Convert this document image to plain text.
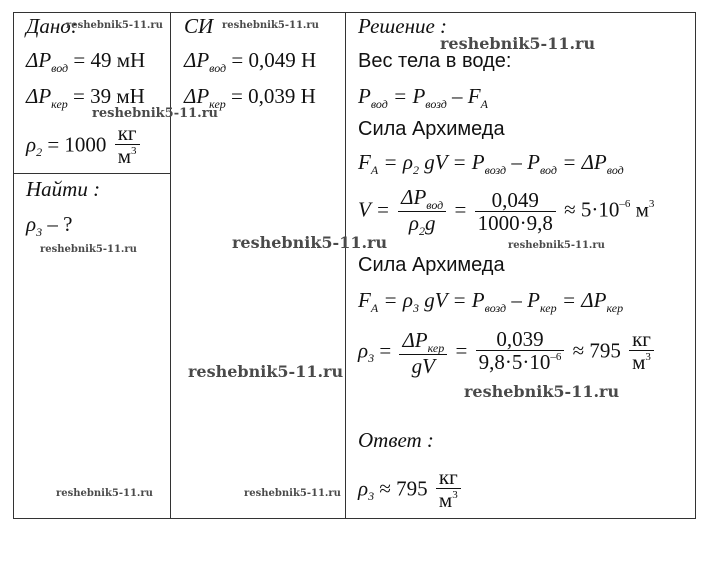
Дано:
$\Delta P_{вод} = 49$ мН
$\Delta P_{кер} = 39$ мН
$\rho_2 = 1000 \frac{кг}{м^3}$
Найти :
$\rho_3$ – ?
СИ
$\Delta P_{вод} = 0,049$ Н
$\Delta P_{кер} = 0,039$ Н
Решение :
Вес тела в воде:
$P_{вод} = P_{возд} - F_A$
Сила Архимеда
$F_A = \rho_2$ gV = $P_{возд} - P_{вод} = \Delta P_{вод}$
$V = \frac{\Delta P_{вод}}{\rho_2g} = \frac{0,049}{1000\cdot 9,8} \approx 5\cdot 10^{-6}$ $м^3$
Сила Архимеда
$F_A = \rho_3$ gV = $P_{возд} - P_{кер} = \Delta P_{кер}$
$\rho_3 = \frac{\Delta P_{кер}}{gV} = \frac{0,039}{9,8\cdot 5\cdot 10^{-6}} \approx 795 \frac{кг}{м^3}$
Ответ :
$\rho_3 \approx 795 \frac{кг}{м^3}$
reshebnik5-11.ru	reshebnik5-11.ru
reshebnik5-11.ru
reshebnik5-11.ru
reshebnik5-11.ru	reshebnik5-11.ru	reshebnik5-11.ru
reshebnik5-11.ru
reshebnik5-11.ru
reshebnik5-11.ru	reshebnik5-11.ru
